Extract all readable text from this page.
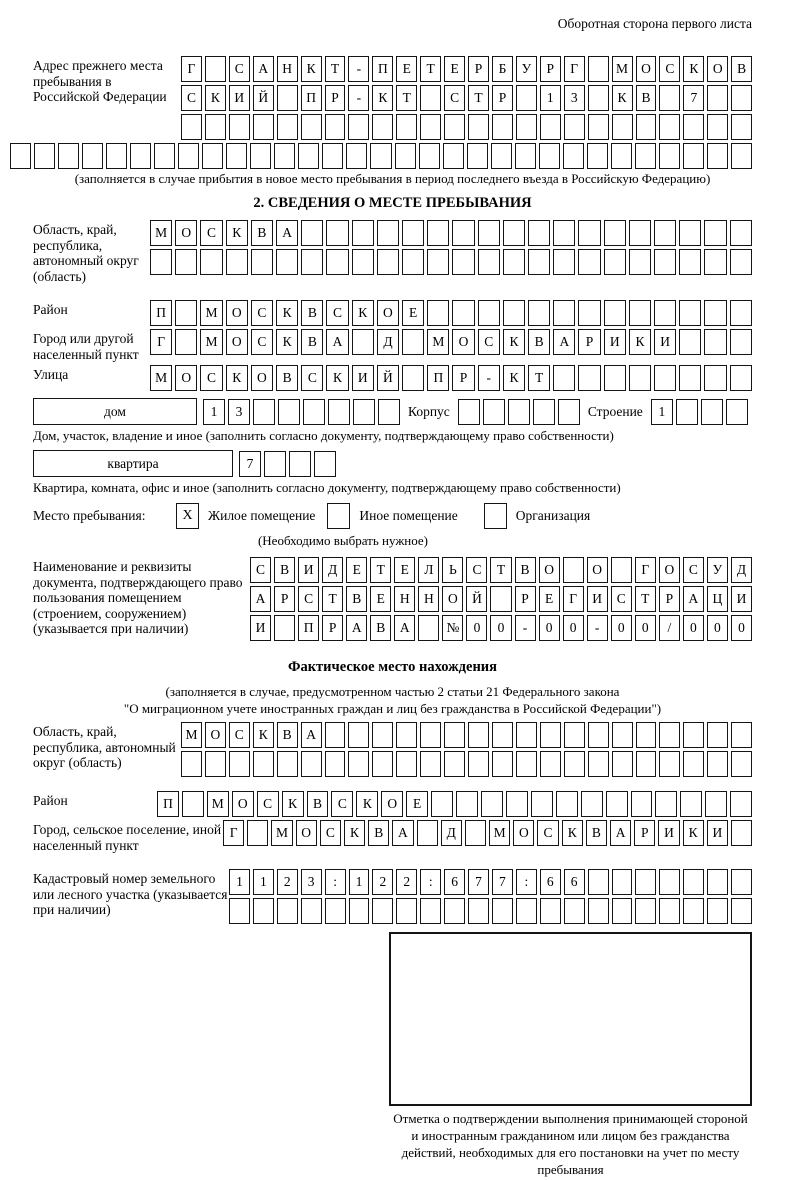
Оборотная сторона первого листа
Адрес прежнего места пребывания в Российской Федерации
Г	С	А	Н	К	Т	-	П	Е	Т	Е	Р	Б	У	Р	Г	М О	С	К	О	В
С	К	И	Й	П	Р	-	К	Т	С	Т	Р	1	3	К	В	7
(заполняется в случае прибытия в новое место пребывания в период последнего въезда в Российскую Федерацию)
2. СВЕДЕНИЯ О МЕСТЕ ПРЕБЫВАНИЯ
Область, край, республика, автономный округ (область)
М	О	С	К	В	А
Район	П	М	О	С	К	В	С	К	О	Е
Город или другой населенный пункт
Г	М	О	С	К	В	А	Д	М	О	С	К	В	А	Р	И	К	И
Улица	М	О	С	К	О	В	С	К	И	Й	П	Р	-	К	Т
дом	1	3	Корпус	Строение	1
Дом, участок, владение и иное (заполнить согласно документу, подтверждающему право собственности)
квартира	7
Квартира, комната, офис и иное (заполнить согласно документу, подтверждающему право собственности)
Место пребывания:	X	Жилое помещение	Иное помещение	Организация
(Необходимо выбрать нужное)
Наименование и реквизиты документа, подтверждающего право пользования помещением (строением, сооружением) (указывается при наличии)
С	В	И	Д	Е	Т	Е	Л	Ь	С	Т	В	О	О	Г	О	С	У	Д
А	Р	С	Т	В	Е	Н	Н	О	Й	Р	Е	Г	И	С	Т	Р	А	Ц	И
И	П	Р	А	В	А	№	0	0	-	0	0	-	0	0	/	0	0	0
Фактическое место нахождения
(заполняется в случае, предусмотренном частью 2 статьи 21 Федерального закона
"О миграционном учете иностранных граждан и лиц без гражданства в Российской Федерации")
Область, край, республика, автономный округ (область)
М О	С	К	В	А
Район	П	М	О	С	К	В	С	К	О	Е
Город, сельское поселение, иной населенный пункт
Г	М О	С	К	В	А	Д	М О	С	К	В	А	Р	И	К	И
Кадастровый номер земельного или лесного участка (указывается при наличии)
1	1	2	3	:	1	2	2	:	6	7	7	:	6	6
Отметка о подтверждении выполнения принимающей стороной и иностранным гражданином или лицом без гражданства действий, необходимых для его постановки на учет по месту пребывания
